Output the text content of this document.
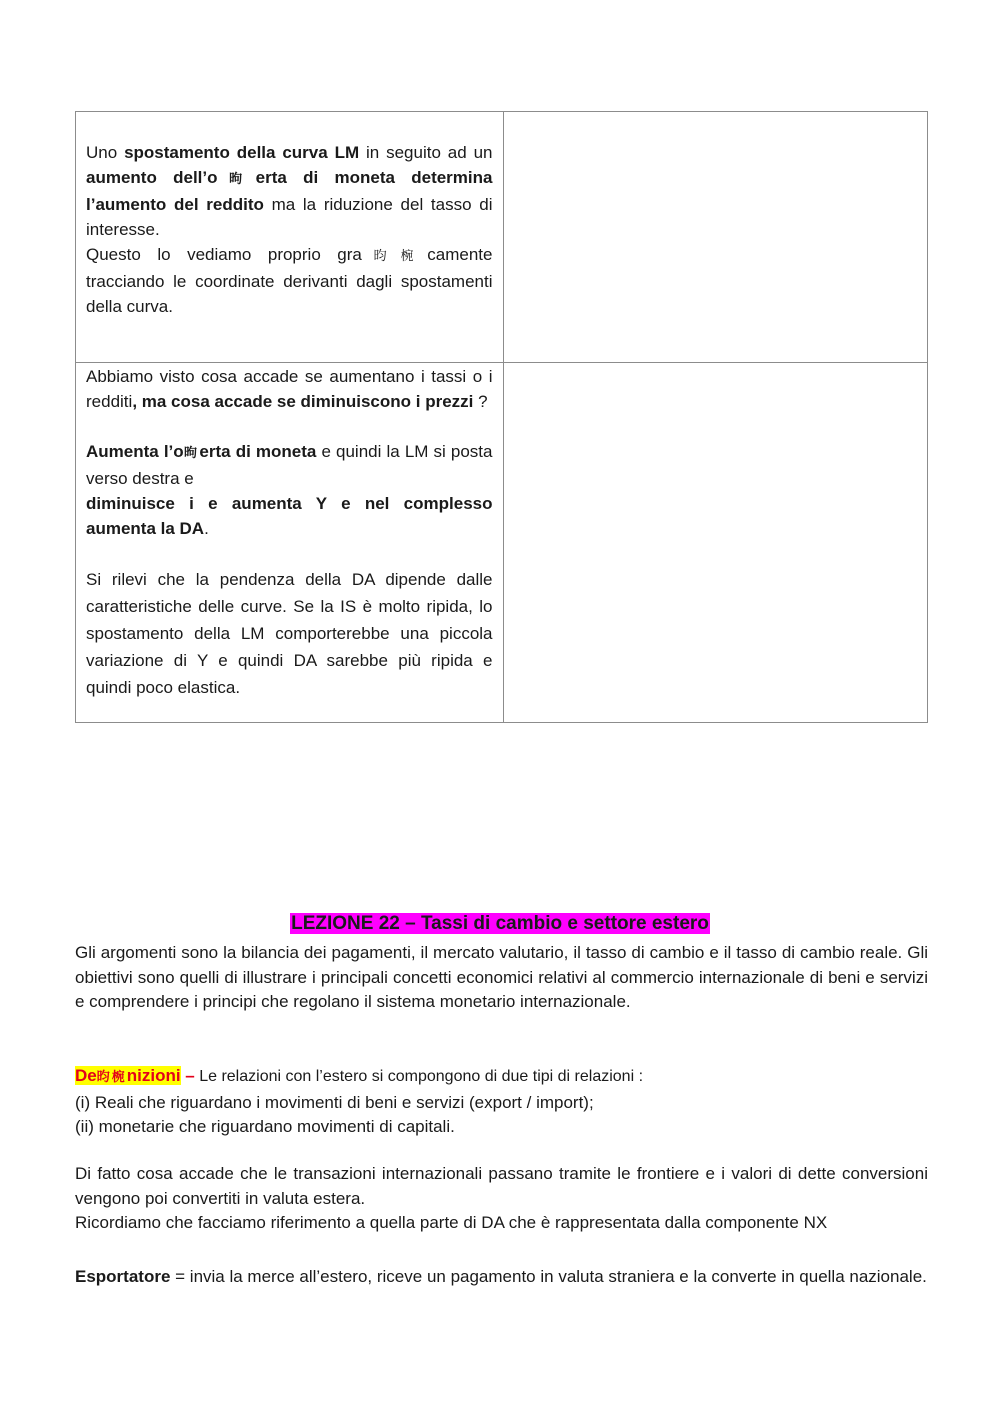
Uno spostamento della curva LM in seguito ad un aumento dell’o昫erta di moneta determina l’aumento del reddito ma la riduzione del tasso di interesse.

Questo lo vediamo proprio gra昀椀camente tracciando le coordinate derivanti dagli spostamenti della curva.	

Abbiamo visto cosa accade se aumentano i tassi o i redditi, ma cosa accade se diminuiscono i prezzi ?

Aumenta l’o昫erta di moneta e quindi la LM si posta verso destra e
diminuisce i e aumenta Y e nel complesso aumenta la DA.

Si rilevi che la pendenza della DA dipende dalle caratteristiche delle curve. Se la IS è molto ripida, lo spostamento della LM comporterebbe una piccola variazione di Y e quindi DA sarebbe più ripida e quindi poco elastica.	

LEZIONE 22 – Tassi di cambio e settore estero

Gli argomenti sono la bilancia dei pagamenti, il mercato valutario, il tasso di cambio e il tasso di cambio reale. Gli obiettivi sono quelli di illustrare i principali concetti economici relativi al commercio internazionale di beni e servizi e comprendere i principi che regolano il sistema monetario internazionale.

De昀椀nizioni – Le relazioni con l’estero si compongono di due tipi di relazioni :
(i) Reali che riguardano i movimenti di beni e servizi (export / import);
(ii) monetarie che riguardano movimenti di capitali.

Di fatto cosa accade che le transazioni internazionali passano tramite le frontiere e i valori di dette conversioni vengono poi convertiti in valuta estera.

Ricordiamo che facciamo riferimento a quella parte di DA che è rappresentata dalla componente NX

Esportatore = invia la merce all’estero, riceve un pagamento in valuta straniera e la converte in quella nazionale.
